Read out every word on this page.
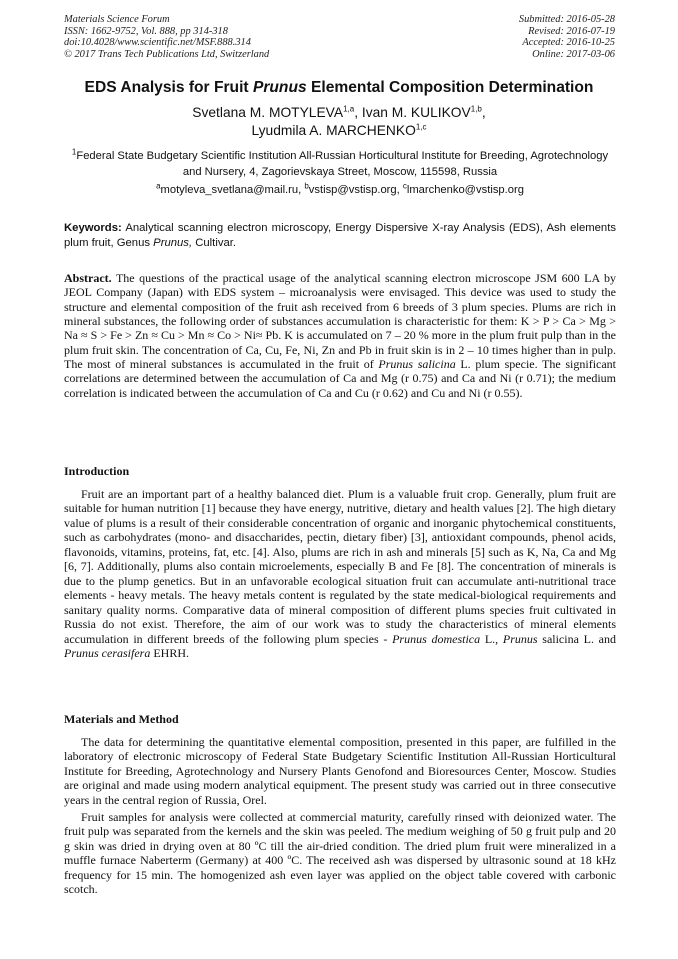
Materials Science Forum
ISSN: 1662-9752, Vol. 888, pp 314-318
doi:10.4028/www.scientific.net/MSF.888.314
© 2017 Trans Tech Publications Ltd, Switzerland
Submitted: 2016-05-28
Revised: 2016-07-19
Accepted: 2016-10-25
Online: 2017-03-06
EDS Analysis for Fruit Prunus Elemental Composition Determination
Svetlana M. MOTYLEVA$^{1,a}$, Ivan M. KULIKOV$^{1,b}$,
Lyudmila A. MARCHENKO$^{1,c}$
$^1$Federal State Budgetary Scientific Institution All-Russian Horticultural Institute for Breeding, Agrotechnology and Nursery, 4, Zagorievskaya Street, Moscow, 115598, Russia
$^a$motyleva_svetlana@mail.ru, $^b$vstisp@vstisp.org, $^c$lmarchenko@vstisp.org
Keywords: Analytical scanning electron microscopy, Energy Dispersive X-ray Analysis (EDS), Ash elements plum fruit, Genus Prunus, Cultivar.
Abstract. The questions of the practical usage of the analytical scanning electron microscope JSM 600 LA by JEOL Company (Japan) with EDS system – microanalysis were envisaged. This device was used to study the structure and elemental composition of the fruit ash received from 6 breeds of 3 plum species. Plums are rich in mineral substances, the following order of substances accumulation is characteristic for them: K > P > Ca > Mg > Na ≈ S > Fe > Zn ≈ Cu > Mn ≈ Co > Ni≈ Pb. K is accumulated on 7 – 20 % more in the plum fruit pulp than in the plum fruit skin. The concentration of Ca, Cu, Fe, Ni, Zn and Pb in fruit skin is in 2 – 10 times higher than in pulp. The most of mineral substances is accumulated in the fruit of Prunus salicina L. plum specie. The significant correlations are determined between the accumulation of Ca and Mg (r 0.75) and Ca and Ni (r 0.71); the medium correlation is indicated between the accumulation of Ca and Cu (r 0.62) and Cu and Ni (r 0.55).
Introduction
Fruit are an important part of a healthy balanced diet. Plum is a valuable fruit crop. Generally, plum fruit are suitable for human nutrition [1] because they have energy, nutritive, dietary and health values [2]. The high dietary value of plums is a result of their considerable concentration of organic and inorganic phytochemical constituents, such as carbohydrates (mono- and disaccharides, pectin, dietary fiber) [3], antioxidant compounds, phenol acids, flavonoids, vitamins, proteins, fat, etc. [4]. Also, plums are rich in ash and minerals [5] such as K, Na, Ca and Mg [6, 7]. Additionally, plums also contain microelements, especially B and Fe [8]. The concentration of minerals is due to the plump genetics. But in an unfavorable ecological situation fruit can accumulate anti-nutritional trace elements - heavy metals. The heavy metals content is regulated by the state medical-biological requirements and sanitary quality norms. Comparative data of mineral composition of different plums species fruit cultivated in Russia do not exist. Therefore, the aim of our work was to study the characteristics of mineral elements accumulation in different breeds of the following plum species - Prunus domestica L., Prunus salicina L. and Prunus cerasifera EHRH.
Materials and Method
The data for determining the quantitative elemental composition, presented in this paper, are fulfilled in the laboratory of electronic microscopy of Federal State Budgetary Scientific Institution All-Russian Horticultural Institute for Breeding, Agrotechnology and Nursery Plants Genofond and Bioresources Center, Moscow. Studies are original and made using modern analytical equipment. The present study was carried out in three consecutive years in the central region of Russia, Orel.
Fruit samples for analysis were collected at commercial maturity, carefully rinsed with deionized water. The fruit pulp was separated from the kernels and the skin was peeled. The medium weighing of 50 g fruit pulp and 20 g skin was dried in drying oven at 80 ºC till the air-dried condition. The dried plum fruit were mineralized in a muffle furnace Naberterm (Germany) at 400 ºC. The received ash was dispersed by ultrasonic sound at 18 kHz frequency for 15 min. The homogenized ash even layer was applied on the object table covered with carbonic scotch.
